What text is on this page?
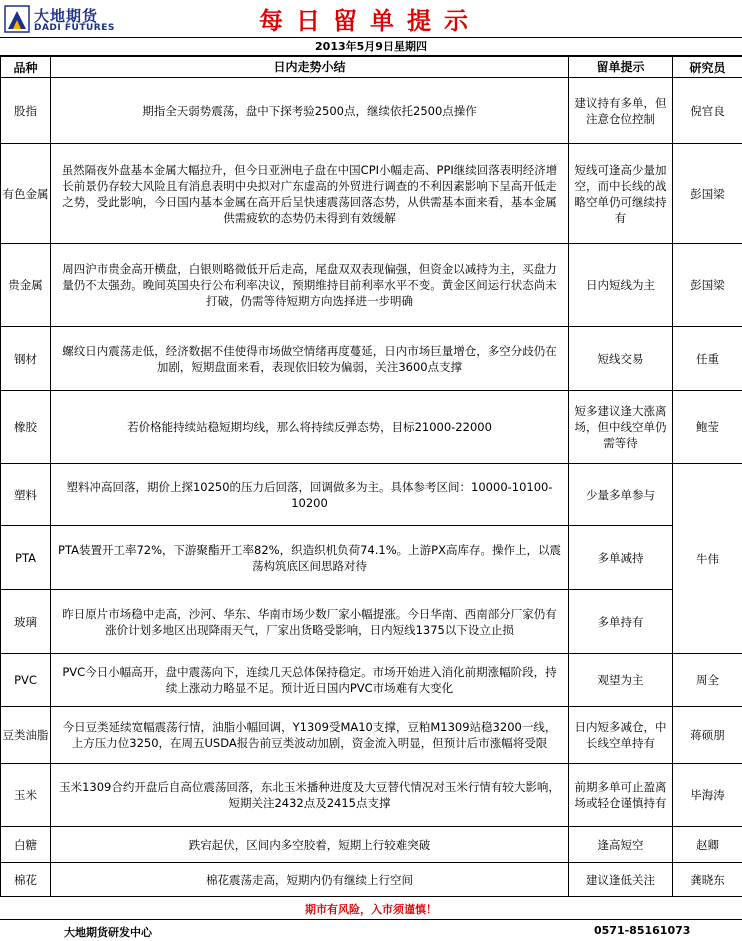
大地期货
DADI FUTURES	每日留单提示
2013年5月9日星期四
品种	日内走势小结	留单提示	研究员
股指	期指全天弱势震荡，盘中下探考验2500点，继续依托2500点操作	建议持有多单，但注意仓位控制	倪官良
有色金属	虽然隔夜外盘基本金属大幅拉升，但今日亚洲电子盘在中国CPI小幅走高、PPI继续回落表明经济增长前景仍存较大风险且有消息表明中央拟对广东虚高的外贸进行调查的不利因素影响下呈高开低走之势，受此影响，今日国内基本金属在高开后呈快速震荡回落态势，从供需基本面来看，基本金属供需疲软的态势仍未得到有效缓解	短线可逢高少量加空，而中长线的战略空单仍可继续持有	彭国梁
贵金属	周四沪市贵金高开横盘，白银则略微低开后走高，尾盘双双表现偏强，但资金以减持为主，买盘力量仍不太强劲。晚间英国央行公布利率决议，预期维持目前利率水平不变。黄金区间运行状态尚未打破，仍需等待短期方向选择进一步明确	日内短线为主	彭国梁
钢材	螺纹日内震荡走低，经济数据不佳使得市场做空情绪再度蔓延，日内市场巨量增仓，多空分歧仍在加剧，短期盘面来看，表现依旧较为偏弱，关注3600点支撑	短线交易	任重
橡胶	若价格能持续站稳短期均线，那么将持续反弹态势，目标21000-22000	短多建议逢大涨离场，但中线空单仍需等待	鲍莹
塑料	塑料冲高回落，期价上探10250的压力后回落，回调做多为主。具体参考区间：10000-10100-10200	少量多单参与	牛伟
PTA	PTA装置开工率72%，下游聚酯开工率82%，织造织机负荷74.1%。上游PX高库存。操作上，以震荡构筑底区间思路对待	多单减持	
玻璃	昨日原片市场稳中走高，沙河、华东、华南市场少数厂家小幅提涨。今日华南、西南部分厂家仍有涨价计划多地区出现降雨天气，厂家出货略受影响，日内短线1375以下设立止损	多单持有	
PVC	PVC今日小幅高开，盘中震荡向下，连续几天总体保持稳定。市场开始进入消化前期涨幅阶段，持续上涨动力略显不足。预计近日国内PVC市场难有大变化	观望为主	周全
豆类油脂	今日豆类延续宽幅震荡行情，油脂小幅回调，Y1309受MA10支撑，豆粕M1309站稳3200一线，上方压力位3250，在周五USDA报告前豆类波动加剧，资金流入明显，但预计后市涨幅将受限	日内短多减仓，中长线空单持有	蒋硕朋
玉米	玉米1309合约开盘后自高位震荡回落，东北玉米播种进度及大豆替代情况对玉米行情有较大影响，短期关注2432点及2415点支撑	前期多单可止盈离场或轻仓谨慎持有	毕海涛
白糖	跌宕起伏，区间内多空胶着，短期上行较难突破	逢高短空	赵卿
棉花	棉花震荡走高，短期内仍有继续上行空间	建议逢低关注	龚晓东
期市有风险，入市须谨慎！
大地期货研发中心	0571-85161073
